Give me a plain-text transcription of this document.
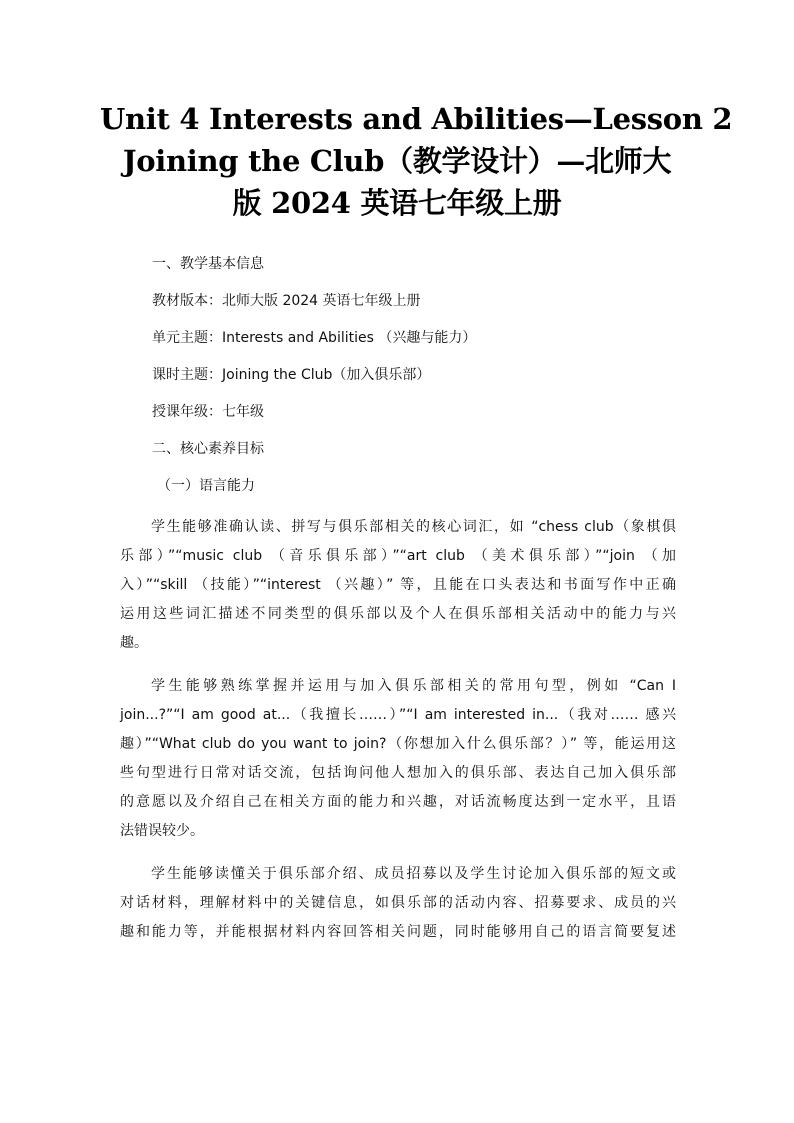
Unit 4 Interests and Abilities—Lesson 2
Joining the Club（教学设计）—北师大
版 2024 英语七年级上册
一、教学基本信息
教材版本：北师大版 2024 英语七年级上册
单元主题：Interests and Abilities （兴趣与能力）
课时主题：Joining the Club（加入俱乐部）
授课年级：七年级
二、核心素养目标
（一）语言能力
学生能够准确认读、拼写与俱乐部相关的核心词汇，如 “chess club（象棋俱
乐部）”“music club （音乐俱乐部）”“art club （美术俱乐部）”“join （加
入）”“skill （技能）”“interest （兴趣）” 等，且能在口头表达和书面写作中正确
运用这些词汇描述不同类型的俱乐部以及个人在俱乐部相关活动中的能力与兴
趣。
学生能够熟练掌握并运用与加入俱乐部相关的常用句型，例如 “Can I
join...?”“I am good at...（我擅长……）”“I am interested in...（我对…… 感兴
趣）”“What club do you want to join?（你想加入什么俱乐部？）” 等，能运用这
些句型进行日常对话交流，包括询问他人想加入的俱乐部、表达自己加入俱乐部
的意愿以及介绍自己在相关方面的能力和兴趣，对话流畅度达到一定水平，且语
法错误较少。
学生能够读懂关于俱乐部介绍、成员招募以及学生讨论加入俱乐部的短文或
对话材料，理解材料中的关键信息，如俱乐部的活动内容、招募要求、成员的兴
趣和能力等，并能根据材料内容回答相关问题，同时能够用自己的语言简要复述
